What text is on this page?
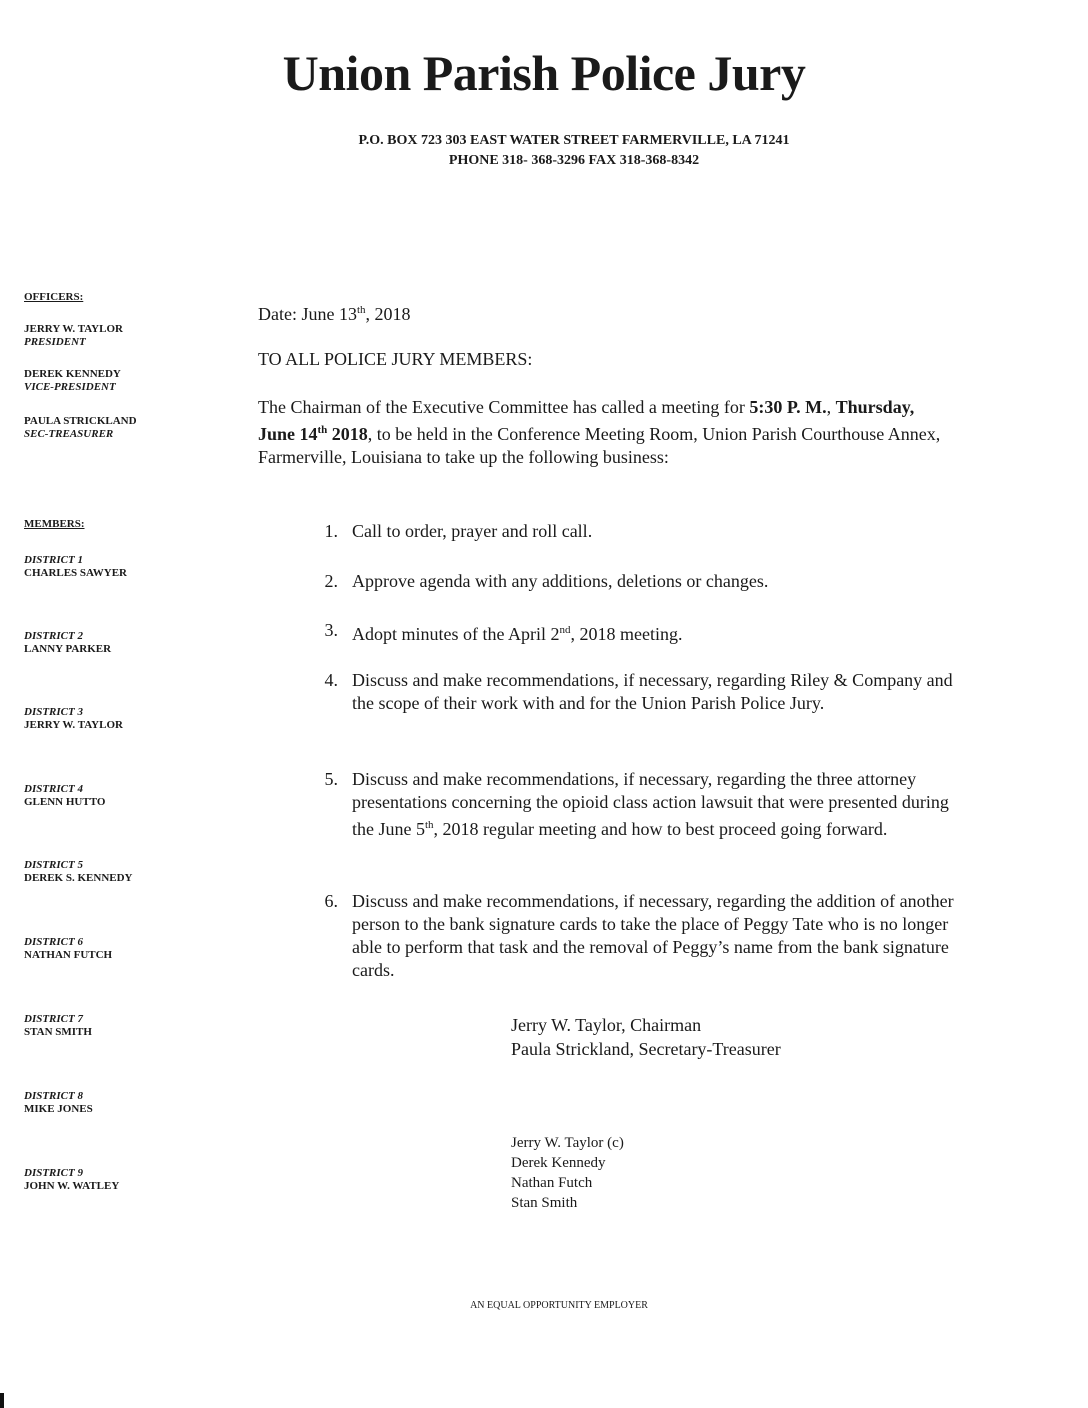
Union Parish Police Jury
P.O. BOX 723 303 EAST WATER STREET FARMERVILLE, LA 71241
PHONE 318- 368-3296 FAX 318-368-8342
OFFICERS:
JERRY W. TAYLOR
PRESIDENT
DEREK KENNEDY
VICE-PRESIDENT
PAULA STRICKLAND
SEC-TREASURER
MEMBERS:
DISTRICT 1
CHARLES SAWYER
DISTRICT 2
LANNY PARKER
DISTRICT 3
JERRY W. TAYLOR
DISTRICT 4
GLENN HUTTO
DISTRICT 5
DEREK S. KENNEDY
DISTRICT 6
NATHAN FUTCH
DISTRICT 7
STAN SMITH
DISTRICT 8
MIKE JONES
DISTRICT 9
JOHN W. WATLEY
Date: June 13th, 2018
TO ALL POLICE JURY MEMBERS:
The Chairman of the Executive Committee has called a meeting for 5:30 P. M., Thursday, June 14th 2018, to be held in the Conference Meeting Room, Union Parish Courthouse Annex, Farmerville, Louisiana to take up the following business:
1. Call to order, prayer and roll call.
2. Approve agenda with any additions, deletions or changes.
3. Adopt minutes of the April 2nd, 2018 meeting.
4. Discuss and make recommendations, if necessary, regarding Riley & Company and the scope of their work with and for the Union Parish Police Jury.
5. Discuss and make recommendations, if necessary, regarding the three attorney presentations concerning the opioid class action lawsuit that were presented during the June 5th, 2018 regular meeting and how to best proceed going forward.
6. Discuss and make recommendations, if necessary, regarding the addition of another person to the bank signature cards to take the place of Peggy Tate who is no longer able to perform that task and the removal of Peggy’s name from the bank signature cards.
Jerry W. Taylor, Chairman
Paula Strickland, Secretary-Treasurer
Jerry W. Taylor (c)
Derek Kennedy
Nathan Futch
Stan Smith
AN EQUAL OPPORTUNITY EMPLOYER
